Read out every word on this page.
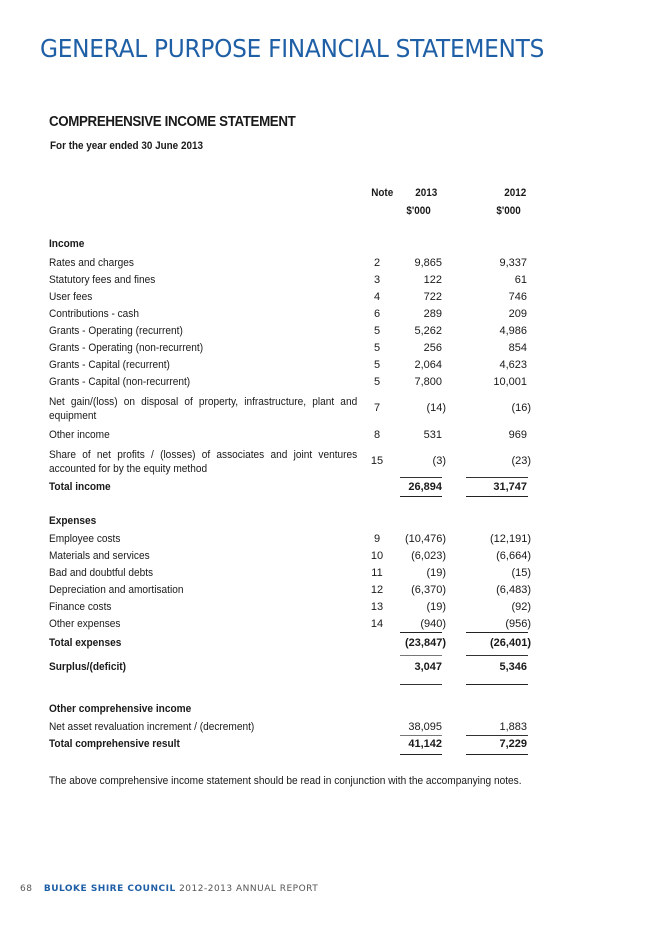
GENERAL PURPOSE FINANCIAL STATEMENTS
COMPREHENSIVE INCOME STATEMENT
For the year ended 30 June 2013
Note 2013	2012
$'000	$'000
Income
Rates and charges	2	9,865	9,337
Statutory fees and fines	3	122	61
User fees	4	722	746
Contributions - cash	6	289	209
Grants - Operating (recurrent)	5	5,262	4,986
Grants - Operating (non-recurrent)	5	256	854
Grants - Capital (recurrent)	5	2,064	4,623
Grants - Capital (non-recurrent)	5	7,800	10,001
Net gain/(loss) on disposal of property, infrastructure, plant and equipment
7	(14)	(16)
Other income	8	531	969
Share of net profits / (losses) of associates and joint ventures accounted for by the equity method
15	(3)	(23)
Total income	26,894	31,747
Expenses
Employee costs	9	(10,476)	(12,191)
Materials and services	10	(6,023)	(6,664)
Bad and doubtful debts	11	(19)	(15)
Depreciation and amortisation	12	(6,370)	(6,483)
Finance costs	13	(19)	(92)
Other expenses	14	(940)	(956)
Total expenses	(23,847)	(26,401)
Surplus/(deficit)	3,047	5,346
Other comprehensive income
Net asset revaluation increment / (decrement)	38,095	1,883
Total comprehensive result	41,142	7,229
The above comprehensive income statement should be read in conjunction with the accompanying notes.
68 BULOKE SHIRE COUNCIL 2012-2013 ANNUAL REPORT
